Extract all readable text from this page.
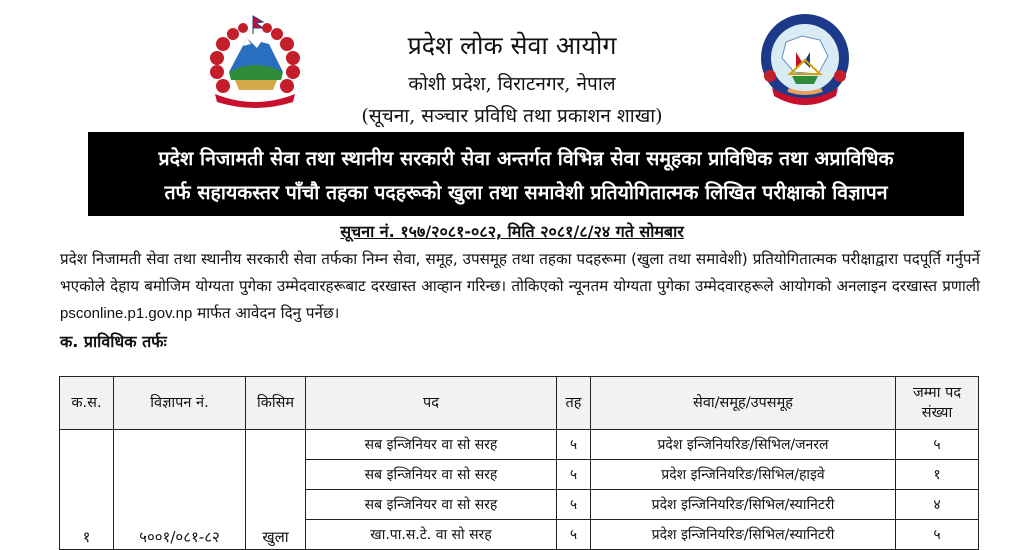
प्रदेश लोक सेवा आयोग
कोशी प्रदेश, विराटनगर, नेपाल
(सूचना, सञ्चार प्रविधि तथा प्रकाशन शाखा)
प्रदेश निजामती सेवा तथा स्थानीय सरकारी सेवा अन्तर्गत विभिन्न सेवा समूहका प्राविधिक तथा अप्राविधिक
तर्फ सहायकस्तर पाँचौ तहका पदहरूको खुला तथा समावेशी प्रतियोगितात्मक लिखित परीक्षाको विज्ञापन
सूचना नं. १५७/२०८१-०८२, मिति २०८१/८/२४ गते सोमबार
प्रदेश निजामती सेवा तथा स्थानीय सरकारी सेवा तर्फका निम्न सेवा, समूह, उपसमूह तथा तहका पदहरूमा (खुला तथा समावेशी) प्रतियोगितात्मक परीक्षाद्वारा पदपूर्ति गर्नुपर्ने भएकोले देहाय बमोजिम योग्यता पुगेका उम्मेदवारहरूबाट दरखास्त आव्हान गरिन्छ। तोकिएको न्यूनतम योग्यता पुगेका उम्मेदवारहरूले आयोगको अनलाइन दरखास्त प्रणाली psconline.p1.gov.np मार्फत आवेदन दिनु पर्नेछ।
क. प्राविधिक तर्फः
क.स.	विज्ञापन नं.	किसिम	पद	तह	सेवा/समूह/उपसमूह	जम्मा पद
संख्या

१	५००१/०८१-८२	खुला	सब इन्जिनियर वा सो सरह	५	प्रदेश इन्जिनियरिङ/सिभिल/जनरल	५
			सब इन्जिनियर वा सो सरह	५	प्रदेश इन्जिनियरिङ/सिभिल/हाइवे	१
			सब इन्जिनियर वा सो सरह	५	प्रदेश इन्जिनियरिङ/सिभिल/स्यानिटरी	४
			खा.पा.स.टे. वा सो सरह	५	प्रदेश इन्जिनियरिङ/सिभिल/स्यानिटरी	५
